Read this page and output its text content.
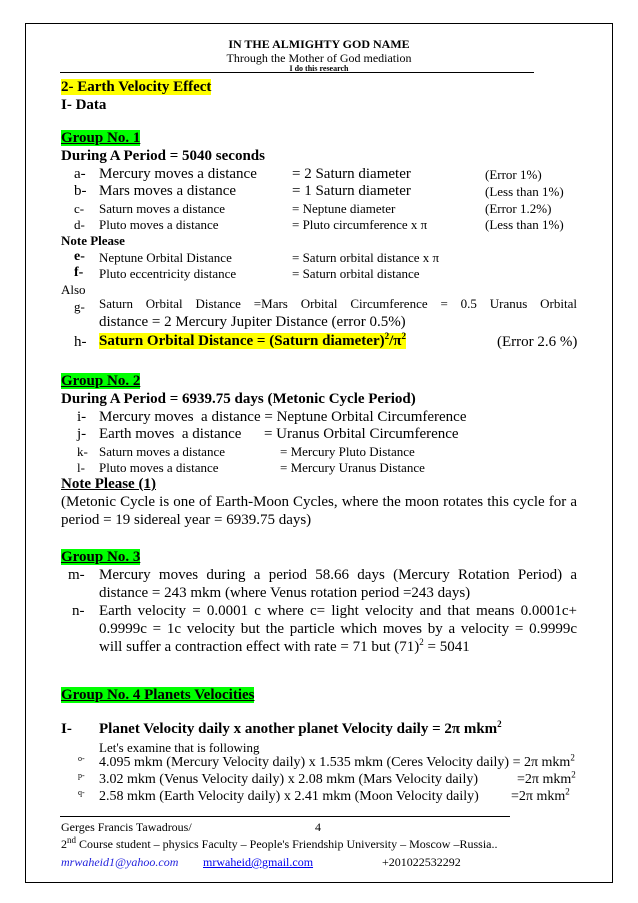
IN THE ALMIGHTY GOD NAME
Through the Mother of God mediation
I do this research
2- Earth Velocity Effect
I- Data
Group No. 1
During A Period = 5040 seconds
a- Mercury moves a distance = 2 Saturn diameter	(Error 1%)
b- Mars moves a distance	= 1 Saturn diameter	(Less than 1%)
c- Saturn moves a distance	= Neptune diameter	(Error 1.2%)
d- Pluto moves a distance	= Pluto circumference x π	(Less than 1%)
Note Please
e- Neptune Orbital Distance	= Saturn orbital distance x π
f- Pluto eccentricity distance	= Saturn orbital distance
Also
g- Saturn Orbital Distance =Mars Orbital Circumference = 0.5 Uranus Orbital
distance = 2 Mercury Jupiter Distance (error 0.5%)
h- Saturn Orbital Distance = (Saturn $diameter)^2/\pi^2$	(Error 2.6 %)
Group No. 2
During A Period = 6939.75 days (Metonic Cycle Period)
i- Mercury moves  a distance = Neptune Orbital Circumference
j- Earth moves  a distance      = Uranus Orbital Circumference
k- Saturn moves a distance	= Mercury Pluto Distance
l- Pluto moves a distance	= Mercury Uranus Distance
Note Please (1)
(Metonic Cycle is one of Earth-Moon Cycles, where the moon rotates this cycle for a
period = 19 sidereal year = 6939.75 days)
Group No. 3
m- Mercury moves during a period 58.66 days (Mercury Rotation Period) a
distance = 243 mkm (where Venus rotation period =243 days)
n- Earth velocity = 0.0001 c where c= light velocity and that means 0.0001c+
0.9999c = 1c velocity but the particle which moves by a velocity = 0.9999c
will suffer a contraction effect with rate = 71 but $(71)^2 = 5041$
Group No. 4 Planets Velocities
I- Planet Velocity daily x another planet Velocity daily = 2π mkm$^2$
Let's examine that is following
o- 4.095 mkm (Mercury Velocity daily) x 1.535 mkm (Ceres Velocity daily) = 2π mkm$^2$
p- 3.02 mkm (Venus Velocity daily) x 2.08 mkm (Mars Velocity daily)	=2π mkm$^2$
q- 2.58 mkm (Earth Velocity daily) x 2.41 mkm (Moon Velocity daily) =2π mkm$^2$
Gerges Francis Tawadrous/	4
2nd Course student – physics Faculty – People's Friendship University – Moscow –Russia..
mrwaheid1@yahoo.com mrwaheid@gmail.com	+201022532292
